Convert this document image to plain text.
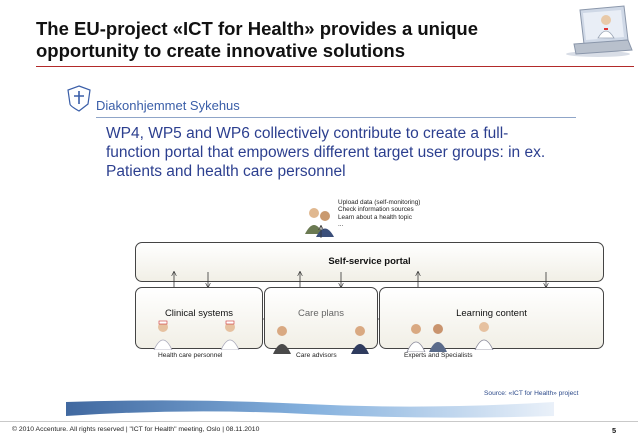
The EU-project «ICT for Health» provides a unique opportunity to create innovative solutions
Diakonhjemmet Sykehus
WP4, WP5 and WP6 collectively contribute to create a full-function portal that empowers different target user groups: in ex. Patients and health care personnel
Upload data (self-monitoring)
Check information sources
Learn about a health topic
...
Self-service portal
Clinical systems	Care plans	Learning content
Health care personnel	Care advisors	Experts and Specialists
Source: «ICT for Health» project
© 2010 Accenture. All rights reserved | "ICT for Health" meeting, Oslo | 08.11.2010	5
